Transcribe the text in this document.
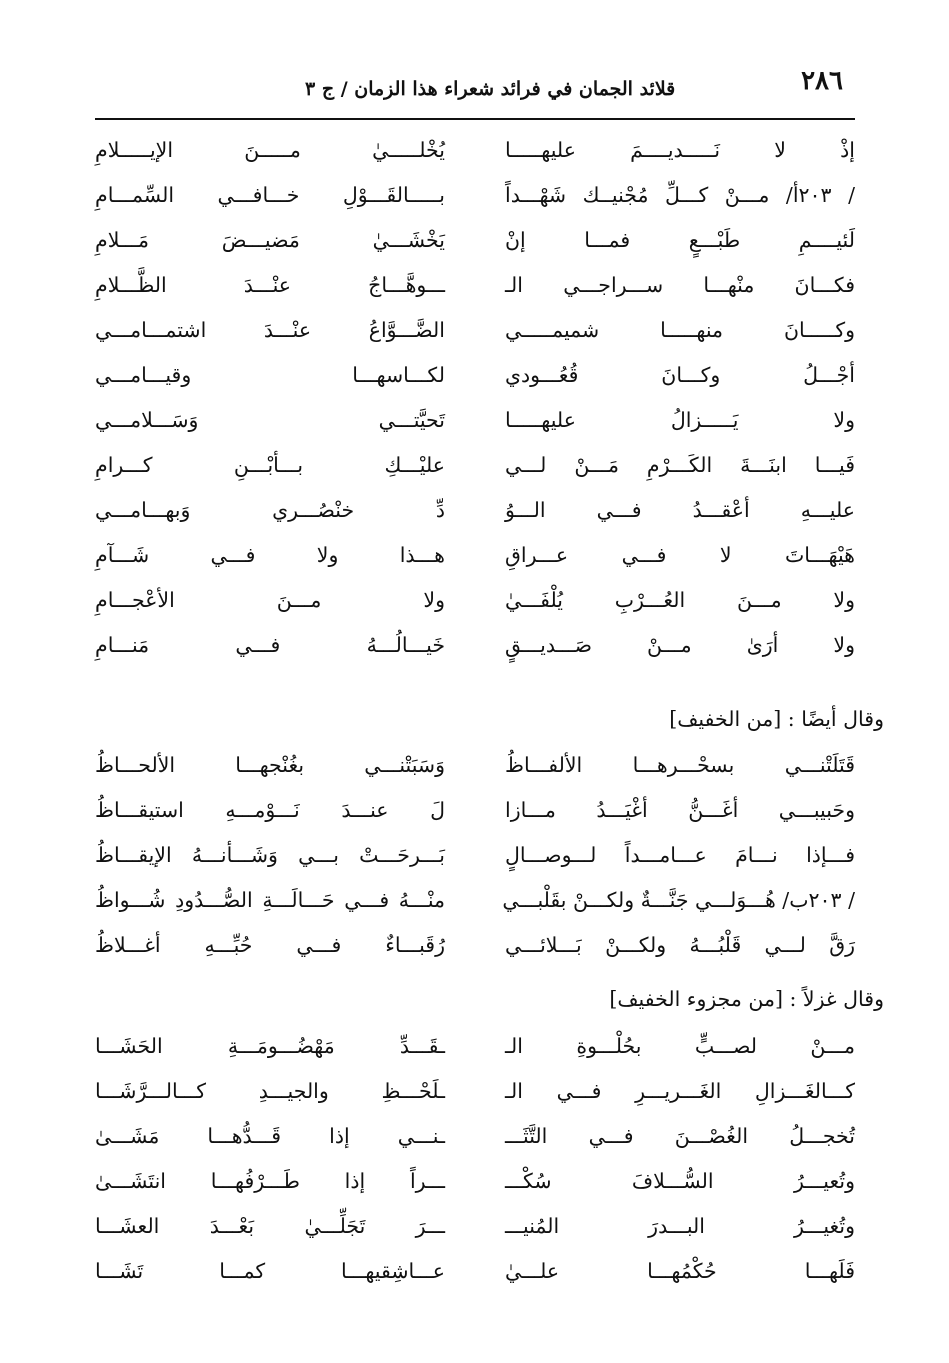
٢٨٦
قلائد الجمان في فرائد شعراء هذا الزمان / ج ٣
إذْ لا نَـــــديــــمَ عليهـــــا
يُخْلـــــيٰ مـــــنَ الإيـــــلامِ
/ ٢٠٣أ/ مـــنْ كـــلِّ مُجْنيــك شَهْـــداً
بـــــالقَـــوْلِ خـــافـــي السِّمـــامِ
لَئيــــمِ طَبْـــعٍ فمـــا إنْ
يَخْشَـــيٰ مَضيـــضَ مَـــلامِ
فكـــانَ منْهـــا ســـراجـــي الـ
ـــوهَّـــاجُ عنْـــدَ الظَّـــلامِ
وكـــــانَ منهـــــا شميمـــــي
الضَّـــوَّاعُ عنْـــدَ اشتمـــامـــي
أجْـــلُ وكـــانَ قُعُـــودي
لكـــاسهـــا وقيـــامـــي
ولا يَـــــزالُ عليهـــــا
تَحيَّتـــي وَسَـــلامـــي
فَيـــا ابنَـــةَ الكَـــرْمِ مَـــنْ لـــي
عليْـــكِ بـــأبْـــنِ كـــرامِ
عليـــهِ أعْقـــدُ فـــي الـــوُ
دِّ خنْصُـــري وَبهـــامـــي
هَيْهَـــاتَ لا فـــي عـــراقِ
هـــذا ولا فـــي شَـــآمِ
ولا مـــنَ العُـــرْبِ يُلْفَـــيٰ
ولا مـــنَ الأعْجـــامِ
ولا أرَىٰ مـــنْ صَـــديـــقٍ
خَيـــالُـــهُ فـــي مَنـــامِ
وقال أيضًا : [من الخفيف]
قَتَلَتْنـــي بسحْـــرهـــا الألفـــاظُ
وَسَبَتْنـــي بغُنْجهـــا الألحـــاظُ
وحَبيبـــي أغَـــنُّ أغْيَـــدُ مـــازا
لَ عنـــدَ نَـــوْمـــهِ استيقـــاظُ
فـــإذا نـــامَ عـــامـــداً لـــوصـــالٍ
بَـــرحَـــتْ بـــي وَشَـــأنـــهُ الإيقـــاظُ
/ ٢٠٣ب/ هُـــوَلـــي جَنَّـــةٌ ولكـــنْ بقَلْبـــي
منْـــهُ فـــي حَـــالَـــةِ الصُّـــدُودِ شُـــواظُ
رَقَّ لـــي قَلْبُـــهُ ولكـــنْ بَـــلائـــي
رُقَبـــاءٌ فـــي حُبِّـــهِ أغـــلاظُ
وقال غزلاً : [من مجزوء الخفيف]
مـــنْ لصـــبٍّ بحُلْـــوةِ الـ
ـقَـــدِّ مَهْضُـــومَـــةِ الحَشَـــا
كـــالغَـــزالِ الغَـــريـــرِ فـــي الـ
ـلَحْـــظِ والجيـــدِ كـــالـــرَّشَـــا
تُخجـــلُ الغُصْـــنَ فـــي التَّثَـــ
ـنـــي إذا قَـــدُّهـــا مَشَـــىٰ
وتُعيـــرُ السُّـــلافَ سُكْـــ
ـــراً إذا طَـــرْفُهـــا انتَشَـــىٰ
وتُغيـــرُ البـــدرَ المُنيـــ
ـــرَ تَجَلِّـــيٰ بَعْـــدَ العشَـــا
فَلَهـــا حُكْمُهـــا علـــيٰ
عـــاشِقيهـــا كمـــا تَشَـــا
